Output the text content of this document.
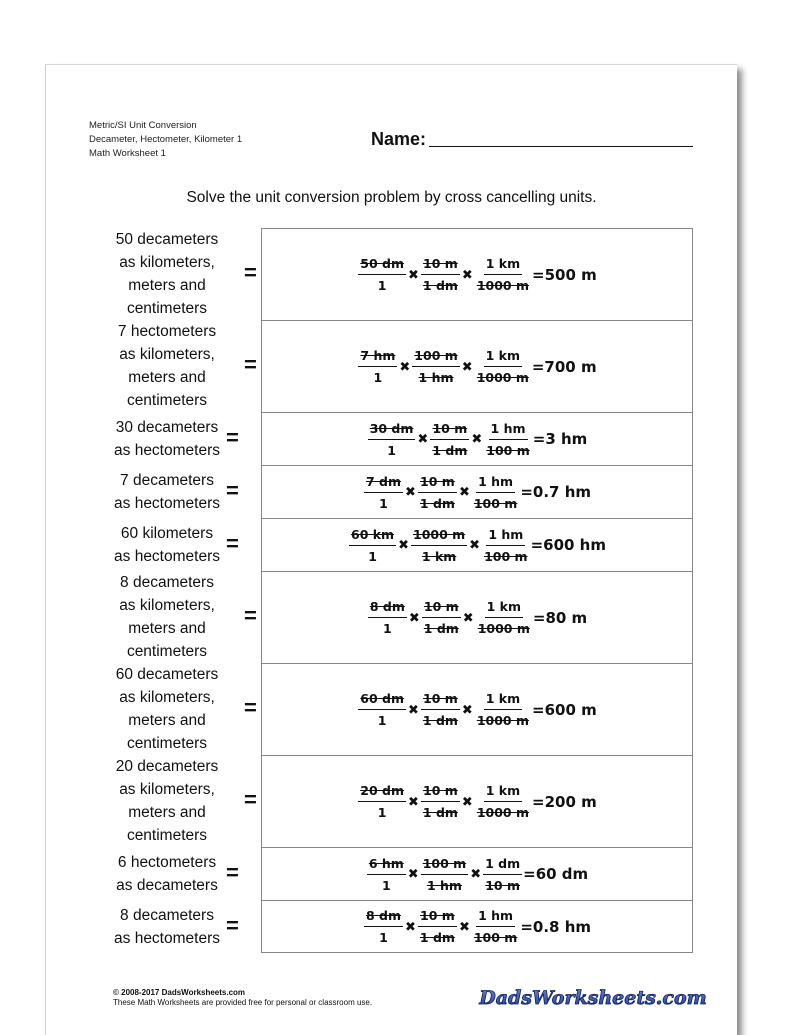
Metric/SI Unit Conversion
Decameter, Hectometer, Kilometer 1
Math Worksheet 1
Name:
Solve the unit conversion problem by cross cancelling units.
50 decameters
as kilometers,
meters and
centimeters
=	$\frac{50 dm}{1}$ ✖ $\frac{10 m}{1 dm}$ ✖ $\frac{1 km}{1000 m} =500$ m
7 hectometers
as kilometers,
meters and
centimeters
=	$\frac{7 hm}{1}$ ✖ $\frac{100 m}{1 hm}$ ✖ $\frac{1 km}{1000 m} =700$ m
30 decameters
as hectometers =	$\frac{30 dm}{1}$ ✖ $\frac{10 m}{1 dm}$ ✖ $\frac{1 hm}{100 m} =3$ hm
7 decameters
as hectometers =	$\frac{7 dm}{1}$ ✖ $\frac{10 m}{1 dm}$ ✖ $\frac{1 hm}{100 m} =0.7$ hm
60 kilometers
as hectometers =	$\frac{60 km}{1}$ ✖ $\frac{1000 m}{1 km}$ ✖ $\frac{1 hm}{100 m} =600$ hm
8 decameters
as kilometers,
meters and
centimeters
=	$\frac{8 dm}{1}$ ✖ $\frac{10 m}{1 dm}$ ✖ $\frac{1 km}{1000 m} =80$ m
60 decameters
as kilometers,
meters and
centimeters
=	$\frac{60 dm}{1}$ ✖ $\frac{10 m}{1 dm}$ ✖ $\frac{1 km}{1000 m} =600$ m
20 decameters
as kilometers,
meters and
centimeters
=	$\frac{20 dm}{1}$ ✖ $\frac{10 m}{1 dm}$ ✖ $\frac{1 km}{1000 m} =200$ m
6 hectometers
as decameters =	$\frac{6 hm}{1}$ ✖ $\frac{100 m}{1 hm}$ ✖ $\frac{1 dm}{10 m} =60$ dm
8 decameters
as hectometers =	$\frac{8 dm}{1}$ ✖ $\frac{10 m}{1 dm}$ ✖ $\frac{1 hm}{100 m} =0.8$ hm
© 2008-2017 DadsWorksheets.com
These Math Worksheets are provided free for personal or classroom use.	DadsWorksheets.com
